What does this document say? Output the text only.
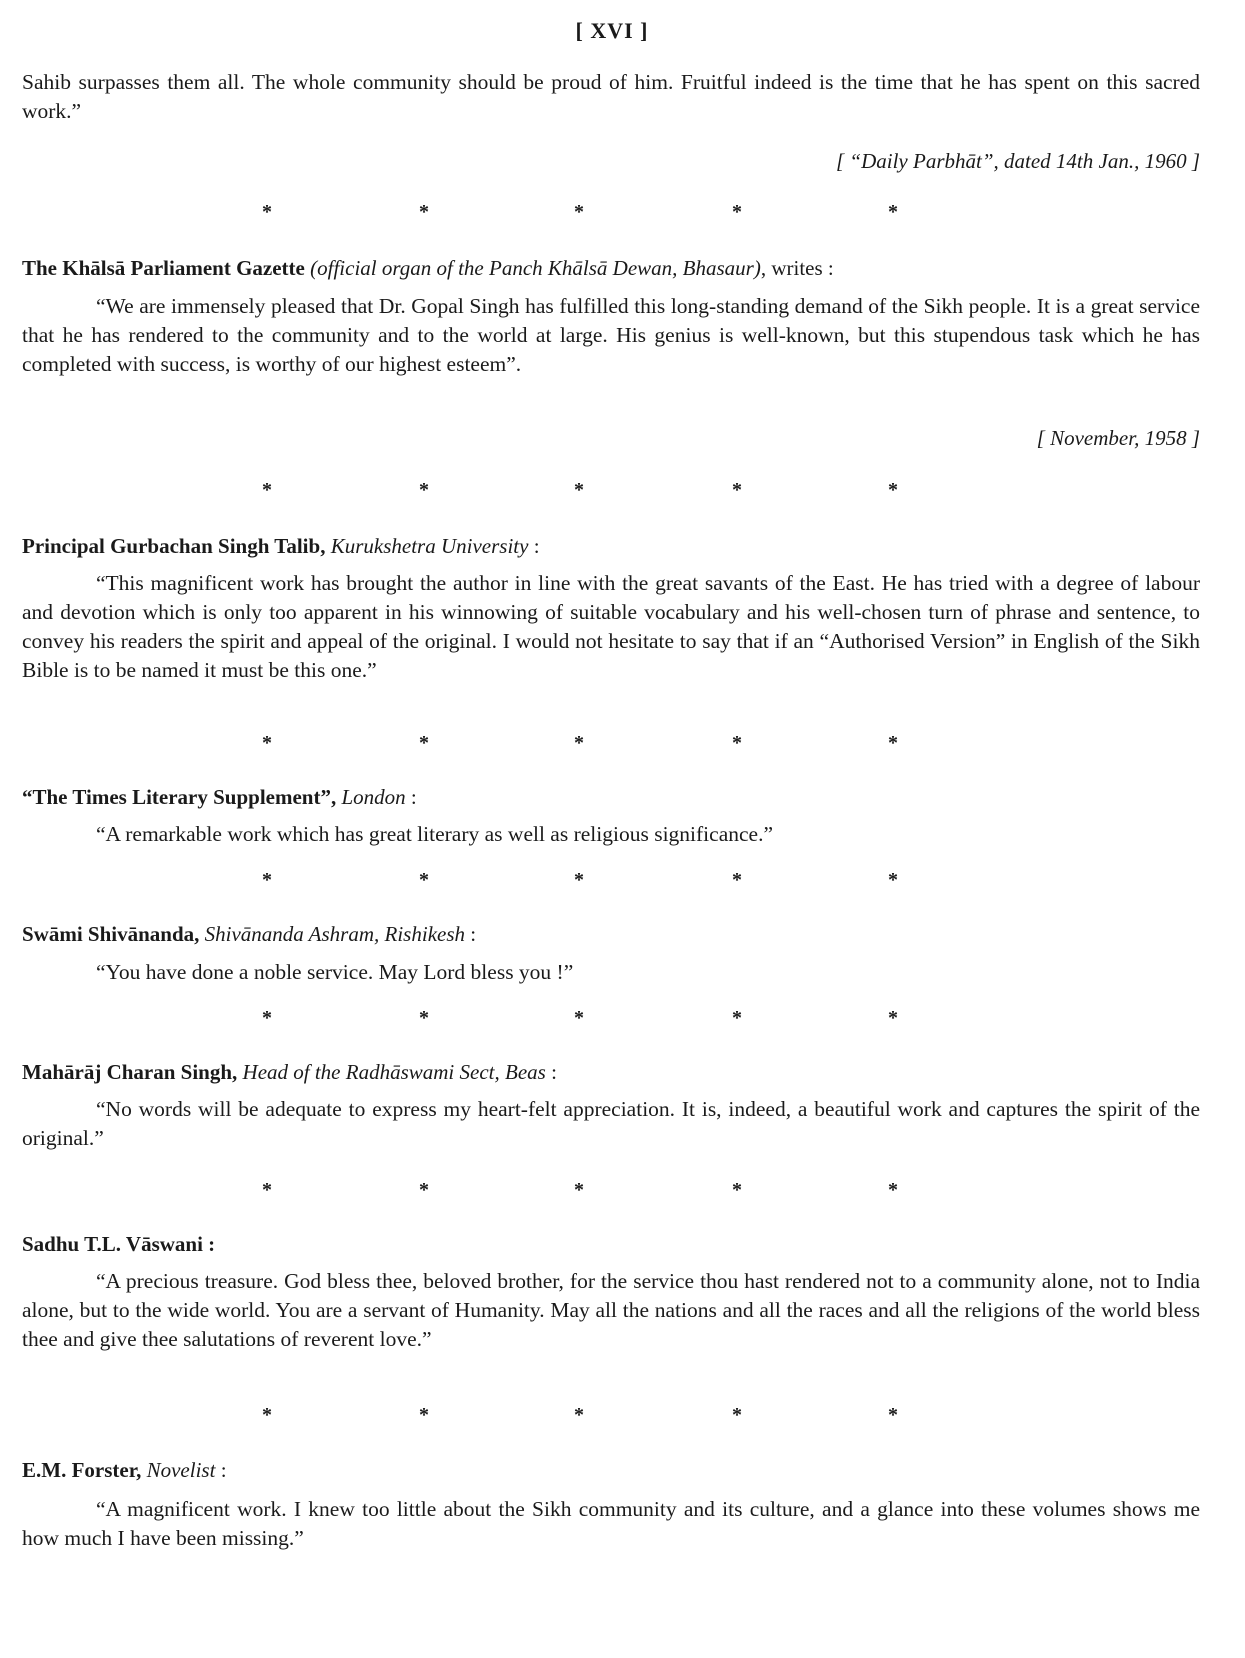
[ XVI ]
Sahib surpasses them all. The whole community should be proud of him. Fruitful indeed is the time that he has spent on this sacred work.”
[ “Daily Parbhāt”, dated 14th Jan., 1960 ]
*	*	*	*	*
The Khālsā Parliament Gazette (official organ of the Panch Khālsā Dewan, Bhasaur), writes :
“We are immensely pleased that Dr. Gopal Singh has fulfilled this long-standing demand of the Sikh people. It is a great service that he has rendered to the community and to the world at large. His genius is well-known, but this stupendous task which he has completed with success, is worthy of our highest esteem”.
[ November, 1958 ]
*	*	*	*	*
Principal Gurbachan Singh Talib, Kurukshetra University :
“This magnificent work has brought the author in line with the great savants of the East. He has tried with a degree of labour and devotion which is only too apparent in his winnowing of suitable vocabulary and his well-chosen turn of phrase and sentence, to convey his readers the spirit and appeal of the original. I would not hesitate to say that if an “Authorised Version” in English of the Sikh Bible is to be named it must be this one.”
*	*	*	*	*
“The Times Literary Supplement”, London :
“A remarkable work which has great literary as well as religious significance.”
*	*	*	*	*
Swāmi Shivānanda, Shivānanda Ashram, Rishikesh :
“You have done a noble service. May Lord bless you !”
*	*	*	*	*
Mahārāj Charan Singh, Head of the Radhāswami Sect, Beas :
“No words will be adequate to express my heart-felt appreciation. It is, indeed, a beautiful work and captures the spirit of the original.”
*	*	*	*	*
Sadhu T.L. Vāswani :
“A precious treasure. God bless thee, beloved brother, for the service thou hast rendered not to a community alone, not to India alone, but to the wide world. You are a servant of Humanity. May all the nations and all the races and all the religions of the world bless thee and give thee salutations of reverent love.”
*	*	*	*	*
E.M. Forster, Novelist :
“A magnificent work. I knew too little about the Sikh community and its culture, and a glance into these volumes shows me how much I have been missing.”
